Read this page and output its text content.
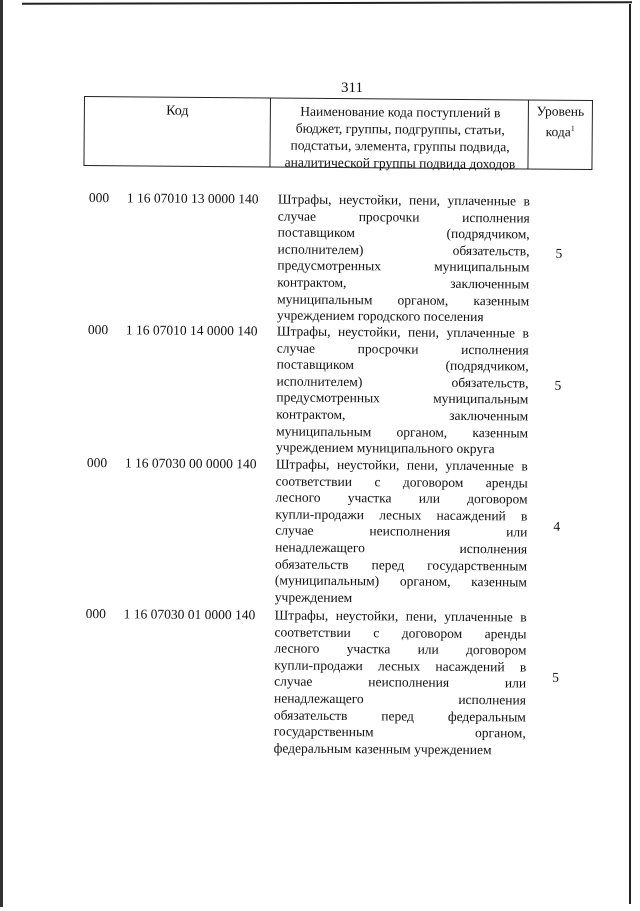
311
Код	Наименование кода поступлений в бюджет, группы, подгруппы, статьи, подстатьи, элемента, группы подвида, аналитической группы подвида доходов
Уровень
кода$^1$
000 1 16 07010 13 0000 140 Штрафы, неустойки, пени, уплаченные в
случае просрочки исполнения
поставщиком (подрядчиком,
исполнителем) обязательств,
предусмотренных муниципальным
контрактом, заключенным
муниципальным органом, казенным
учреждением городского поселения
5
000 1 16 07010 14 0000 140 Штрафы, неустойки, пени, уплаченные в
случае просрочки исполнения
поставщиком (подрядчиком,
исполнителем) обязательств,
предусмотренных муниципальным
контрактом, заключенным
муниципальным органом, казенным
учреждением муниципального округа
5
000 1 16 07030 00 0000 140 Штрафы, неустойки, пени, уплаченные в
соответствии с договором аренды
лесного участка или договором
купли-продажи лесных насаждений в
случае неисполнения или
ненадлежащего исполнения
обязательств перед государственным
(муниципальным) органом, казенным
учреждением
4
000 1 16 07030 01 0000 140 Штрафы, неустойки, пени, уплаченные в
соответствии с договором аренды
лесного участка или договором
купли-продажи лесных насаждений в
случае неисполнения или
ненадлежащего исполнения
обязательств перед федеральным
государственным органом,
федеральным казенным учреждением
5
